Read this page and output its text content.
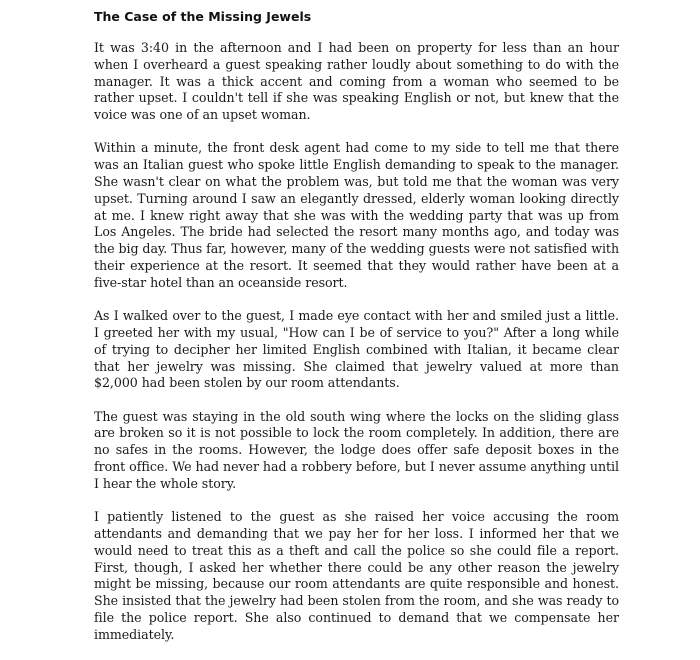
The Case of the Missing Jewels

It was 3:40 in the afternoon and I had been on property for less than an hour when I overheard a guest speaking rather loudly about something to do with the manager. It was a thick accent and coming from a woman who seemed to be rather upset. I couldn't tell if she was speaking English or not, but knew that the voice was one of an upset woman.

Within a minute, the front desk agent had come to my side to tell me that there was an Italian guest who spoke little English demanding to speak to the manager. She wasn't clear on what the problem was, but told me that the woman was very upset. Turning around I saw an elegantly dressed, elderly woman looking directly at me. I knew right away that she was with the wedding party that was up from Los Angeles. The bride had selected the resort many months ago, and today was the big day. Thus far, however, many of the wedding guests were not satisfied with their experience at the resort. It seemed that they would rather have been at a five-star hotel than an oceanside resort.

As I walked over to the guest, I made eye contact with her and smiled just a little. I greeted her with my usual, "How can I be of service to you?" After a long while of trying to decipher her limited English combined with Italian, it became clear that her jewelry was missing. She claimed that jewelry valued at more than $2,000 had been stolen by our room attendants.

The guest was staying in the old south wing where the locks on the sliding glass are broken so it is not possible to lock the room completely. In addition, there are no safes in the rooms. However, the lodge does offer safe deposit boxes in the front office. We had never had a robbery before, but I never assume anything until I hear the whole story.

I patiently listened to the guest as she raised her voice accusing the room attendants and demanding that we pay her for her loss. I informed her that we would need to treat this as a theft and call the police so she could file a report. First, though, I asked her whether there could be any other reason the jewelry might be missing, because our room attendants are quite responsible and honest. She insisted that the jewelry had been stolen from the room, and she was ready to file the police report. She also continued to demand that we compensate her immediately.
